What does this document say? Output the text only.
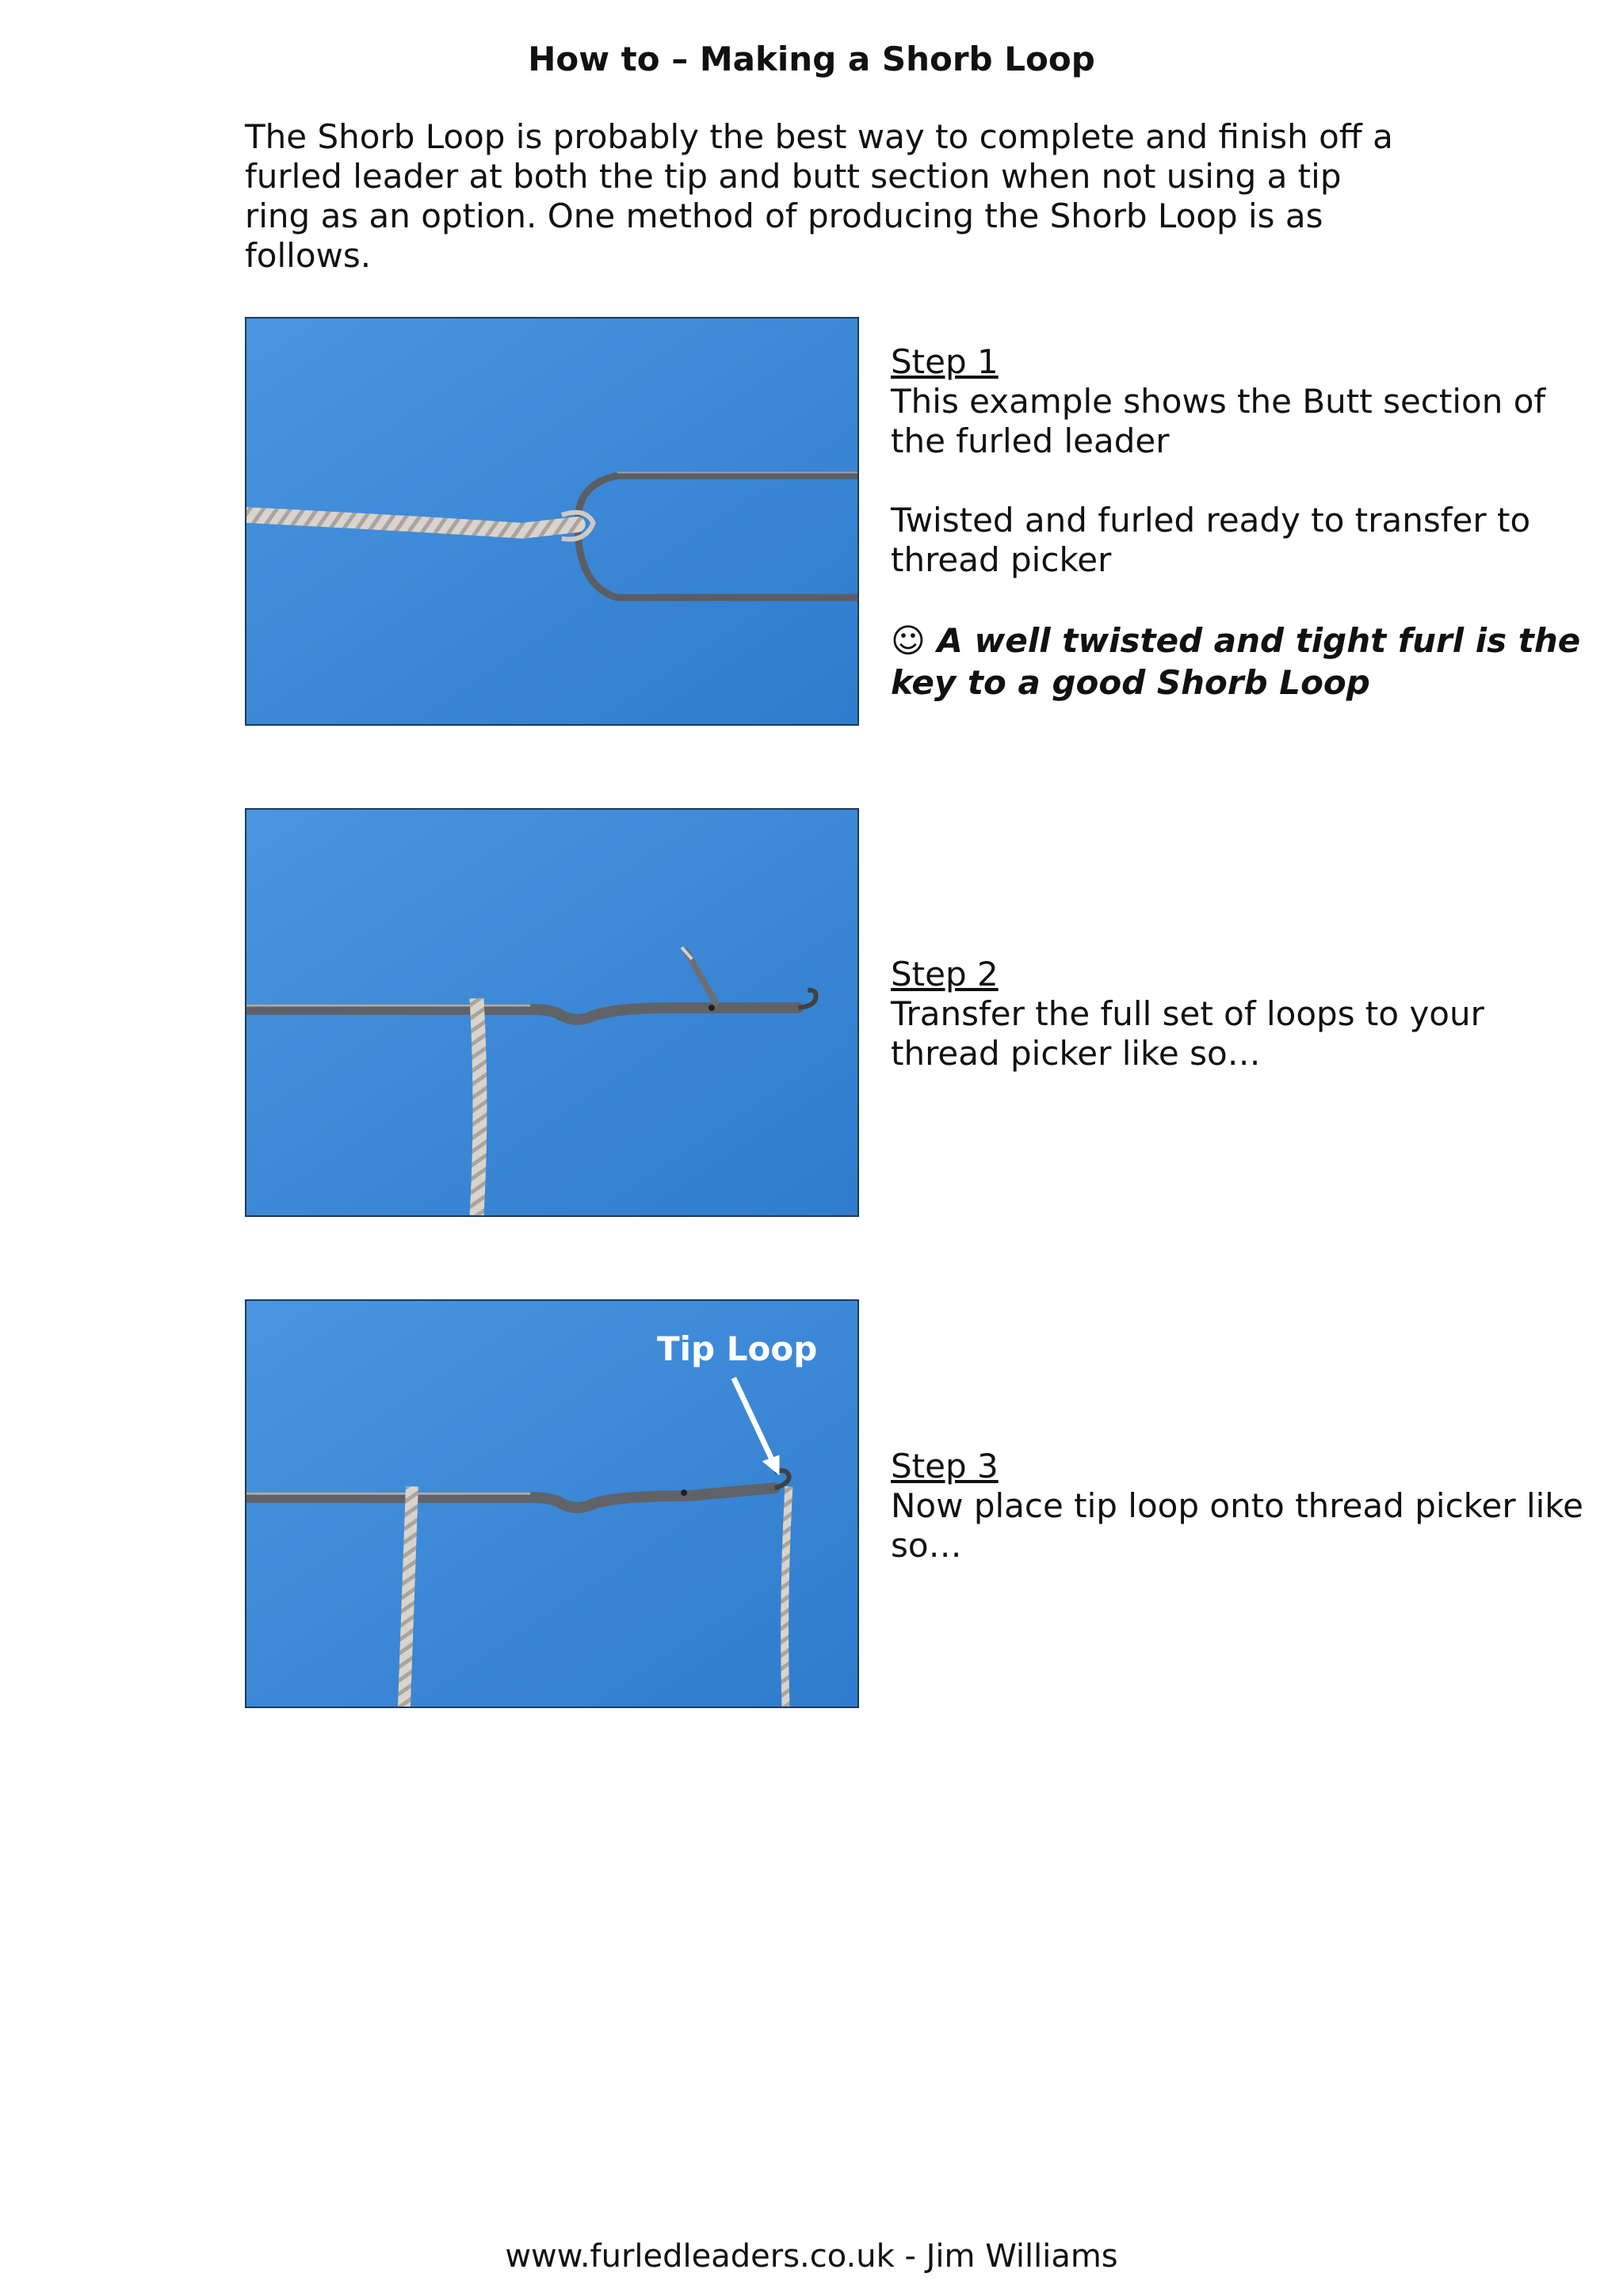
How to – Making a Shorb Loop

The Shorb Loop is probably the best way to complete and finish off a furled leader at both the tip and butt section when not using a tip ring as an option. One method of producing the Shorb Loop is as follows.

Tip Loop

Step 1

This example shows the Butt section of the furled leader

Twisted and furled ready to transfer to thread picker

☺ A well twisted and tight furl is the key to a good Shorb Loop

Step 2

Transfer the full set of loops to your thread picker like so…

Step 3

Now place tip loop onto thread picker like so…

www.furledleaders.co.uk - Jim Williams
